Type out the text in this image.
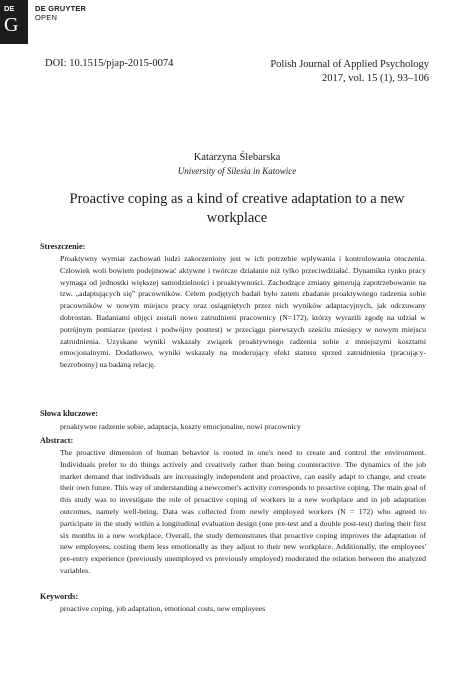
DE
G
DE GRUYTER
OPEN
DOI: 10.1515/pjap-2015-0074	Polish Journal of Applied Psychology
2017, vol. 15 (1), 93–106
Katarzyna Ślebarska
University of Silesia in Katowice
Proactive coping as a kind of creative adaptation to a new workplace
Streszczenie:
Proaktywny wymiar zachowań ludzi zakorzeniony jest w ich potrzebie wpływania i kontrolowania otoczenia. Człowiek woli bowiem podejmować aktywne i twórcze działanie niż tylko przeciwdziałać. Dynamika rynku pracy wymaga od jednostki większej samodzielności i proaktywności. Zachodzące zmiany generują zapotrzebowanie na tzw. „adaptujących się” pracowników. Celem podjętych badań było zatem zbadanie proaktywnego radzenia sobie pracowników w nowym miejscu pracy oraz osiągniętych przez nich wyników adaptacyjnych, jak odczuwany dobrostan. Badaniami objęci zostali nowo zatrudnieni pracownicy (N=172), którzy wyrazili zgodę na udział w potrójnym pomiarze (pretest i podwójny posttest) w przeciągu pierwszych sześciu miesięcy w nowym miejscu zatrudnienia. Uzyskane wyniki wskazały związek proaktywnego radzenia sobie z mniejszymi kosztami emocjonalnymi. Dodatkowo, wyniki wskazały na moderujący efekt statusu sprzed zatrudnienia (pracujący-bezrobotny) na badaną relację.
Słowa kluczowe:
proaktywne radzenie sobie, adaptacja, koszty emocjonalne, nowi pracownicy
Abstract:
The proactive dimension of human behavior is rooted in one's need to create and control the environment. Individuals prefer to do things actively and creatively rather than being counteractive. The dynamics of the job market demand that individuals are increasingly independent and proactive, can easily adapt to change, and create their own future. This way of understanding a newcomer's activity corresponds to proactive coping. The main goal of this study was to investigate the role of proactive coping of workers in a new workplace and in job adaptation outcomes, namely well-being. Data was collected from newly employed workers (N = 172) who agreed to participate in the study within a longitudinal evaluation design (one pre-test and a double post-test) during their first six months in a new workplace. Overall, the study demonstrates that proactive coping improves the adaptation of new employees, costing them less emotionally as they adjust to their new workplace. Additionally, the employees' pre-entry experience (previously unemployed vs previously employed) moderated the relation between the analyzed variables.
Keywords:
proactive coping, job adaptation, emotional costs, new employees
